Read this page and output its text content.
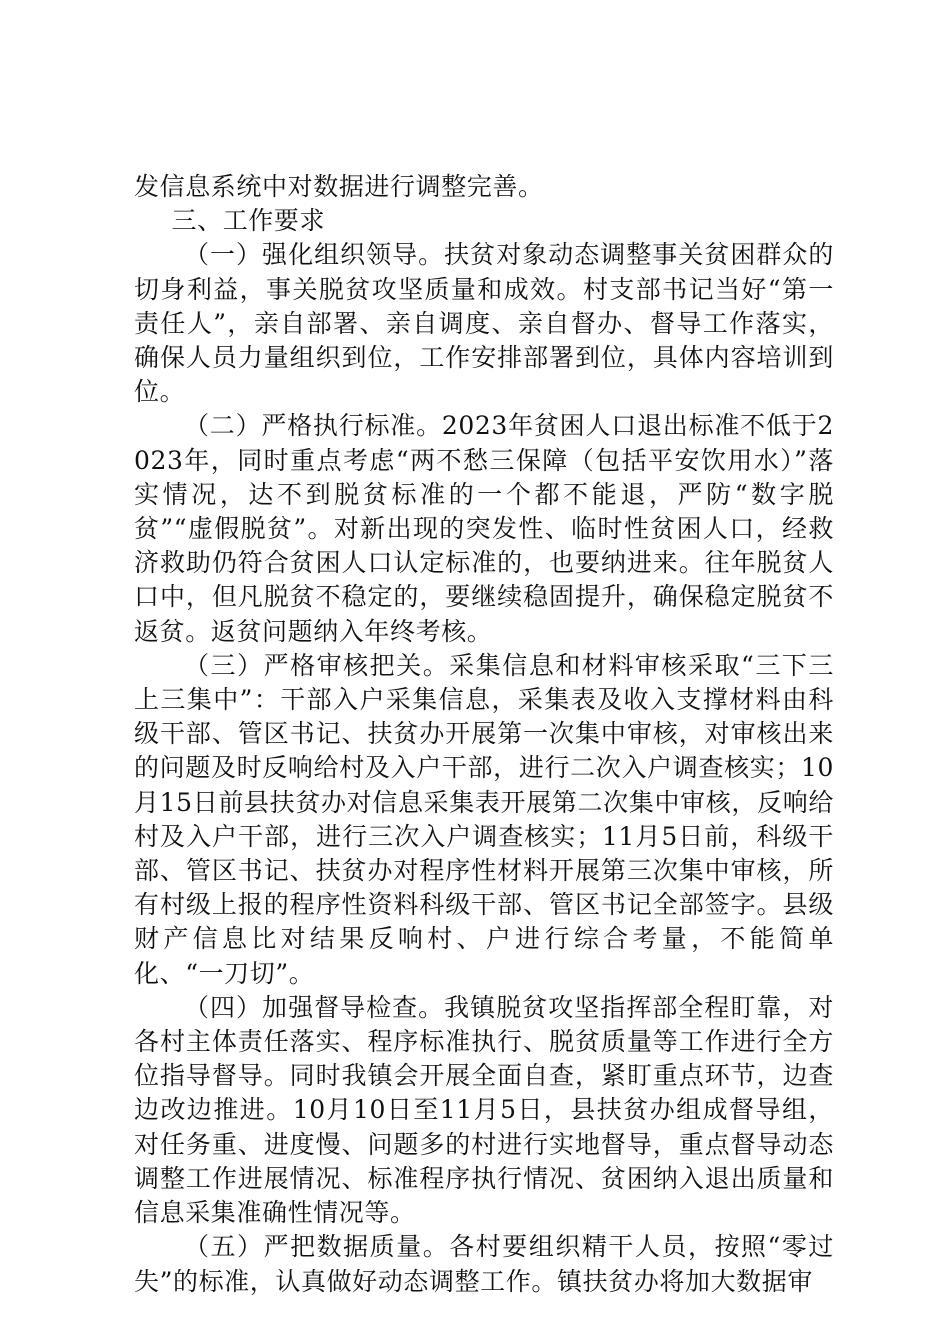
发信息系统中对数据进行调整完善。

三、工作要求

（一）强化组织领导。扶贫对象动态调整事关贫困群众的切身利益，事关脱贫攻坚质量和成效。村支部书记当好“第一责任人”，亲自部署、亲自调度、亲自督办、督导工作落实，确保人员力量组织到位，工作安排部署到位，具体内容培训到位。

（二）严格执行标准。2023年贫困人口退出标准不低于2023年，同时重点考虑“两不愁三保障（包括平安饮用水）”落实情况，达不到脱贫标准的一个都不能退，严防“数字脱贫”“虚假脱贫”。对新出现的突发性、临时性贫困人口，经救济救助仍符合贫困人口认定标准的，也要纳进来。往年脱贫人口中，但凡脱贫不稳定的，要继续稳固提升，确保稳定脱贫不返贫。返贫问题纳入年终考核。

（三）严格审核把关。采集信息和材料审核采取“三下三上三集中”：干部入户采集信息，采集表及收入支撑材料由科级干部、管区书记、扶贫办开展第一次集中审核，对审核出来的问题及时反响给村及入户干部，进行二次入户调查核实；10月15日前县扶贫办对信息采集表开展第二次集中审核，反响给村及入户干部，进行三次入户调查核实；11月5日前，科级干部、管区书记、扶贫办对程序性材料开展第三次集中审核，所有村级上报的程序性资料科级干部、管区书记全部签字。县级财产信息比对结果反响村、户进行综合考量，不能简单化、“一刀切”。

（四）加强督导检查。我镇脱贫攻坚指挥部全程盯靠，对各村主体责任落实、程序标准执行、脱贫质量等工作进行全方位指导督导。同时我镇会开展全面自查，紧盯重点环节，边查边改边推进。10月10日至11月5日，县扶贫办组成督导组，对任务重、进度慢、问题多的村进行实地督导，重点督导动态调整工作进展情况、标准程序执行情况、贫困纳入退出质量和信息采集准确性情况等。

（五）严把数据质量。各村要组织精干人员，按照“零过失”的标准，认真做好动态调整工作。镇扶贫办将加大数据审
